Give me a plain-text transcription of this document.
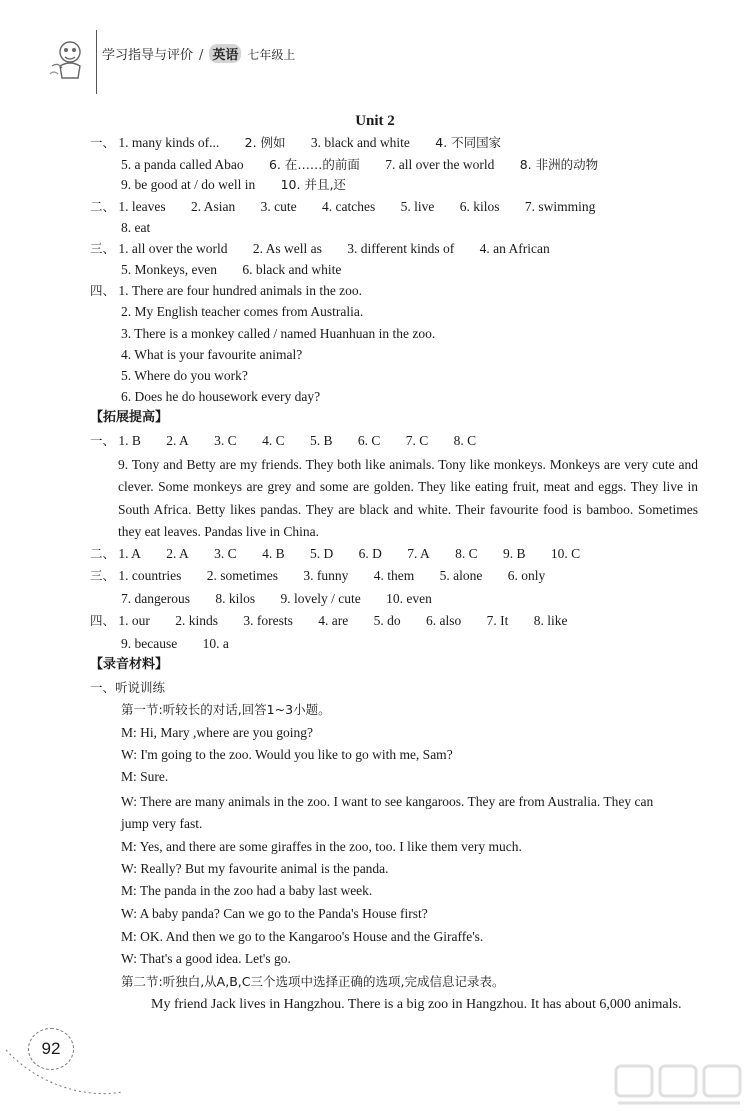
学习指导与评价 / 英语 七年级上
Unit 2
一、 1. many kinds of... 2. 例如 3. black and white 4. 不同国家
5. a panda called Abao 6. 在……的前面 7. all over the world 8. 非洲的动物
9. be good at / do well in 10. 并且,还
二、 1. leaves 2. Asian 3. cute 4. catches 5. live 6. kilos 7. swimming
8. eat
三、 1. all over the world 2. As well as 3. different kinds of 4. an African
5. Monkeys, even 6. black and white
四、 1. There are four hundred animals in the zoo.
2. My English teacher comes from Australia.
3. There is a monkey called / named Huanhuan in the zoo.
4. What is your favourite animal?
5. Where do you work?
6. Does he do housework every day?
【拓展提高】
一、 1. B 2. A 3. C 4. C 5. B 6. C 7. C 8. C
9. Tony and Betty are my friends. They both like animals. Tony like monkeys. Monkeys are very cute and clever. Some monkeys are grey and some are golden. They like eating fruit, meat and eggs. They live in South Africa. Betty likes pandas. They are black and white. Their favourite food is bamboo. Sometimes they eat leaves. Pandas live in China.
二、 1. A 2. A 3. C 4. B 5. D 6. D 7. A 8. C 9. B 10. C
三、 1. countries 2. sometimes 3. funny 4. them 5. alone 6. only
7. dangerous 8. kilos 9. lovely / cute 10. even
四、 1. our 2. kinds 3. forests 4. are 5. do 6. also 7. It 8. like
9. because 10. a
【录音材料】
一、听说训练
第一节:听较长的对话,回答1~3小题。
M: Hi, Mary ,where are you going?
W: I'm going to the zoo. Would you like to go with me, Sam?
M: Sure.
W: There are many animals in the zoo. I want to see kangaroos. They are from Australia. They can
jump very fast.
M: Yes, and there are some giraffes in the zoo, too. I like them very much.
W: Really? But my favourite animal is the panda.
M: The panda in the zoo had a baby last week.
W: A baby panda? Can we go to the Panda's House first?
M: OK. And then we go to the Kangaroo's House and the Giraffe's.
W: That's a good idea. Let's go.
第二节:听独白,从A,B,C三个选项中选择正确的选项,完成信息记录表。
My friend Jack lives in Hangzhou. There is a big zoo in Hangzhou. It has about 6,000 animals.
92
